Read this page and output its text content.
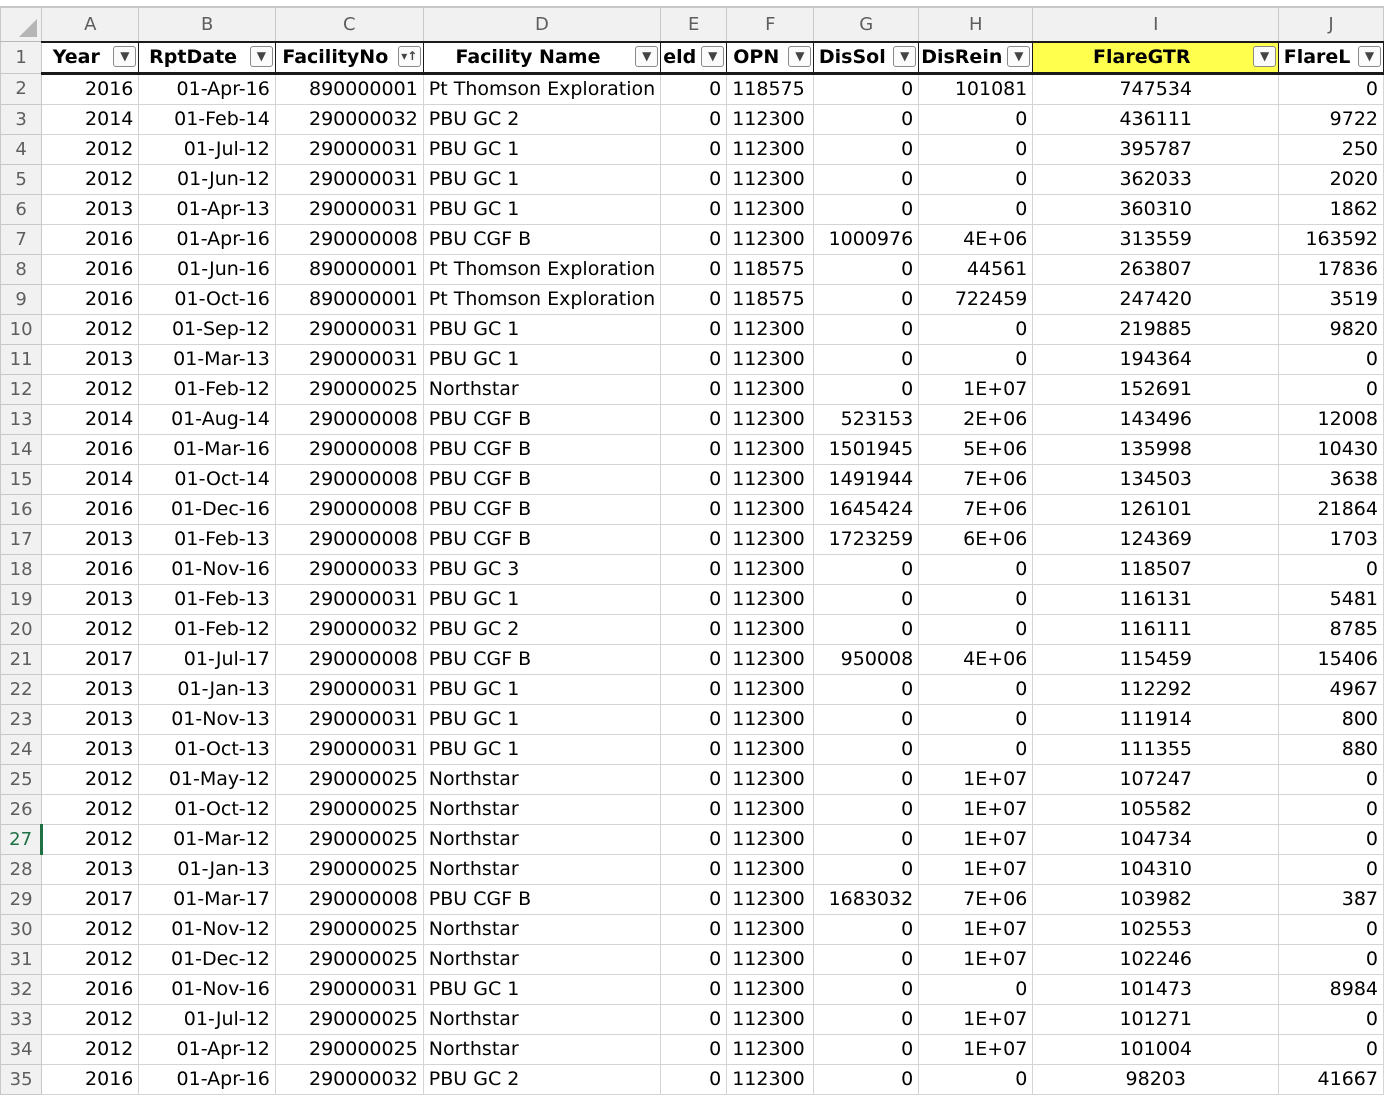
	A	B	C	D	E	F	G	H	I	J
1	Year ▼	RptDate ▼	FacilityNo ▾↑	Facility Name ▼	eld ▼	OPN ▼	DisSol ▼	DisRein ▼	FlareGTR ▼	FlareL ▼

2	2016	01-Apr-16	890000001	Pt Thomson Exploration	0	118575	0	101081	747534	0
3	2014	01-Feb-14	290000032	PBU GC 2	0	112300	0	0	436111	9722
4	2012	01-Jul-12	290000031	PBU GC 1	0	112300	0	0	395787	250
5	2012	01-Jun-12	290000031	PBU GC 1	0	112300	0	0	362033	2020
6	2013	01-Apr-13	290000031	PBU GC 1	0	112300	0	0	360310	1862
7	2016	01-Apr-16	290000008	PBU CGF B	0	112300	1000976	4E+06	313559	163592
8	2016	01-Jun-16	890000001	Pt Thomson Exploration	0	118575	0	44561	263807	17836
9	2016	01-Oct-16	890000001	Pt Thomson Exploration	0	118575	0	722459	247420	3519
10	2012	01-Sep-12	290000031	PBU GC 1	0	112300	0	0	219885	9820
11	2013	01-Mar-13	290000031	PBU GC 1	0	112300	0	0	194364	0
12	2012	01-Feb-12	290000025	Northstar	0	112300	0	1E+07	152691	0
13	2014	01-Aug-14	290000008	PBU CGF B	0	112300	523153	2E+06	143496	12008
14	2016	01-Mar-16	290000008	PBU CGF B	0	112300	1501945	5E+06	135998	10430
15	2014	01-Oct-14	290000008	PBU CGF B	0	112300	1491944	7E+06	134503	3638
16	2016	01-Dec-16	290000008	PBU CGF B	0	112300	1645424	7E+06	126101	21864
17	2013	01-Feb-13	290000008	PBU CGF B	0	112300	1723259	6E+06	124369	1703
18	2016	01-Nov-16	290000033	PBU GC 3	0	112300	0	0	118507	0
19	2013	01-Feb-13	290000031	PBU GC 1	0	112300	0	0	116131	5481
20	2012	01-Feb-12	290000032	PBU GC 2	0	112300	0	0	116111	8785
21	2017	01-Jul-17	290000008	PBU CGF B	0	112300	950008	4E+06	115459	15406
22	2013	01-Jan-13	290000031	PBU GC 1	0	112300	0	0	112292	4967
23	2013	01-Nov-13	290000031	PBU GC 1	0	112300	0	0	111914	800
24	2013	01-Oct-13	290000031	PBU GC 1	0	112300	0	0	111355	880
25	2012	01-May-12	290000025	Northstar	0	112300	0	1E+07	107247	0
26	2012	01-Oct-12	290000025	Northstar	0	112300	0	1E+07	105582	0
27	2012	01-Mar-12	290000025	Northstar	0	112300	0	1E+07	104734	0
28	2013	01-Jan-13	290000025	Northstar	0	112300	0	1E+07	104310	0
29	2017	01-Mar-17	290000008	PBU CGF B	0	112300	1683032	7E+06	103982	387
30	2012	01-Nov-12	290000025	Northstar	0	112300	0	1E+07	102553	0
31	2012	01-Dec-12	290000025	Northstar	0	112300	0	1E+07	102246	0
32	2016	01-Nov-16	290000031	PBU GC 1	0	112300	0	0	101473	8984
33	2012	01-Jul-12	290000025	Northstar	0	112300	0	1E+07	101271	0
34	2012	01-Apr-12	290000025	Northstar	0	112300	0	1E+07	101004	0
35	2016	01-Apr-16	290000032	PBU GC 2	0	112300	0	0	98203	41667
